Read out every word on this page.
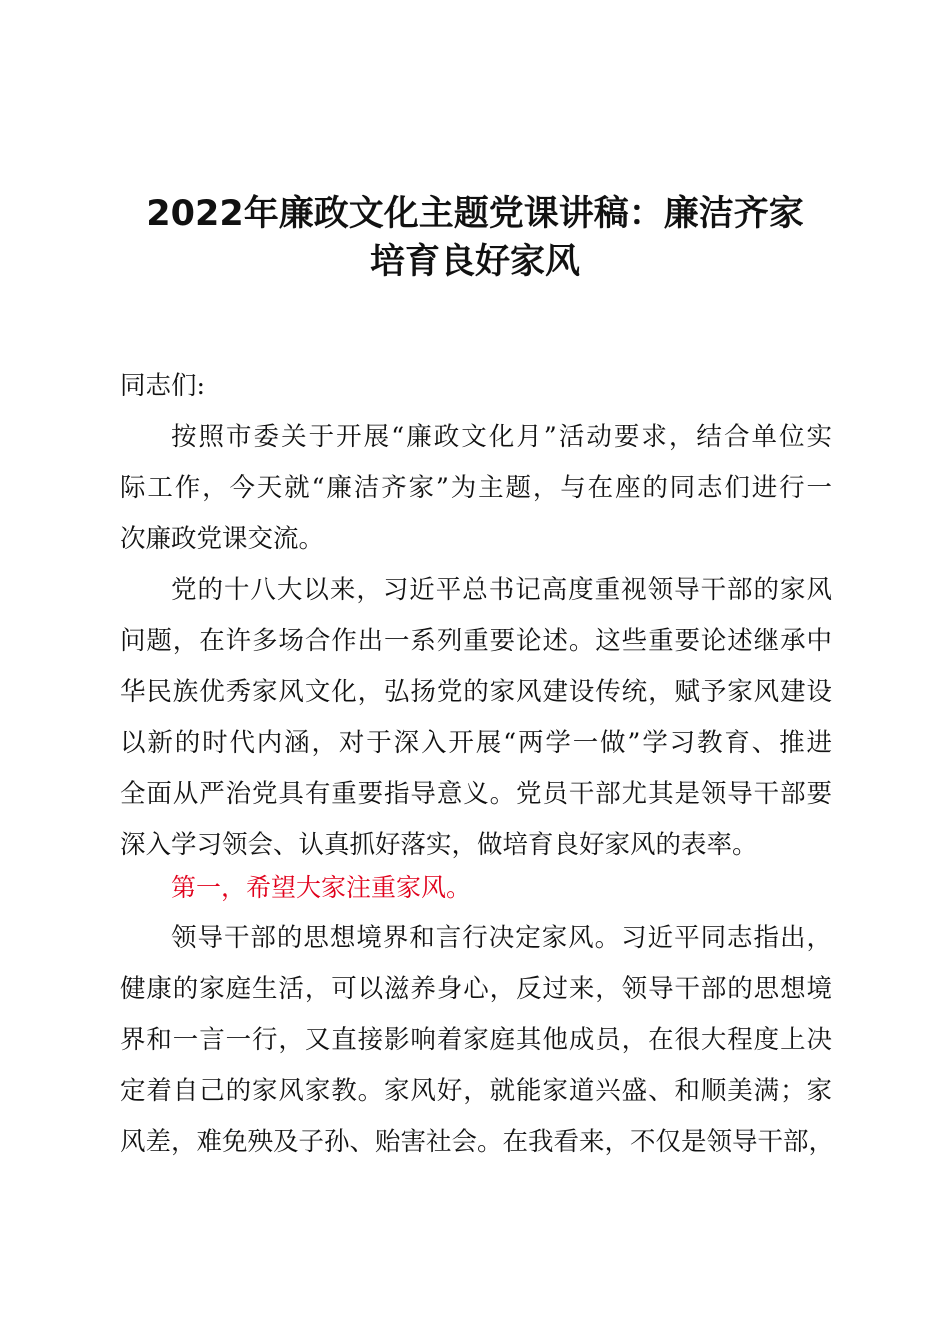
2022年廉政文化主题党课讲稿：廉洁齐家
培育良好家风
同志们:
按照市委关于开展“廉政文化月”活动要求，结合单位实
际工作，今天就“廉洁齐家”为主题，与在座的同志们进行一
次廉政党课交流。
党的十八大以来，习近平总书记高度重视领导干部的家风
问题，在许多场合作出一系列重要论述。这些重要论述继承中
华民族优秀家风文化，弘扬党的家风建设传统，赋予家风建设
以新的时代内涵，对于深入开展“两学一做”学习教育、推进
全面从严治党具有重要指导意义。党员干部尤其是领导干部要
深入学习领会、认真抓好落实，做培育良好家风的表率。
第一，希望大家注重家风。
领导干部的思想境界和言行决定家风。习近平同志指出，
健康的家庭生活，可以滋养身心，反过来，领导干部的思想境
界和一言一行，又直接影响着家庭其他成员，在很大程度上决
定着自己的家风家教。家风好，就能家道兴盛、和顺美满；家
风差，难免殃及子孙、贻害社会。在我看来，不仅是领导干部，
